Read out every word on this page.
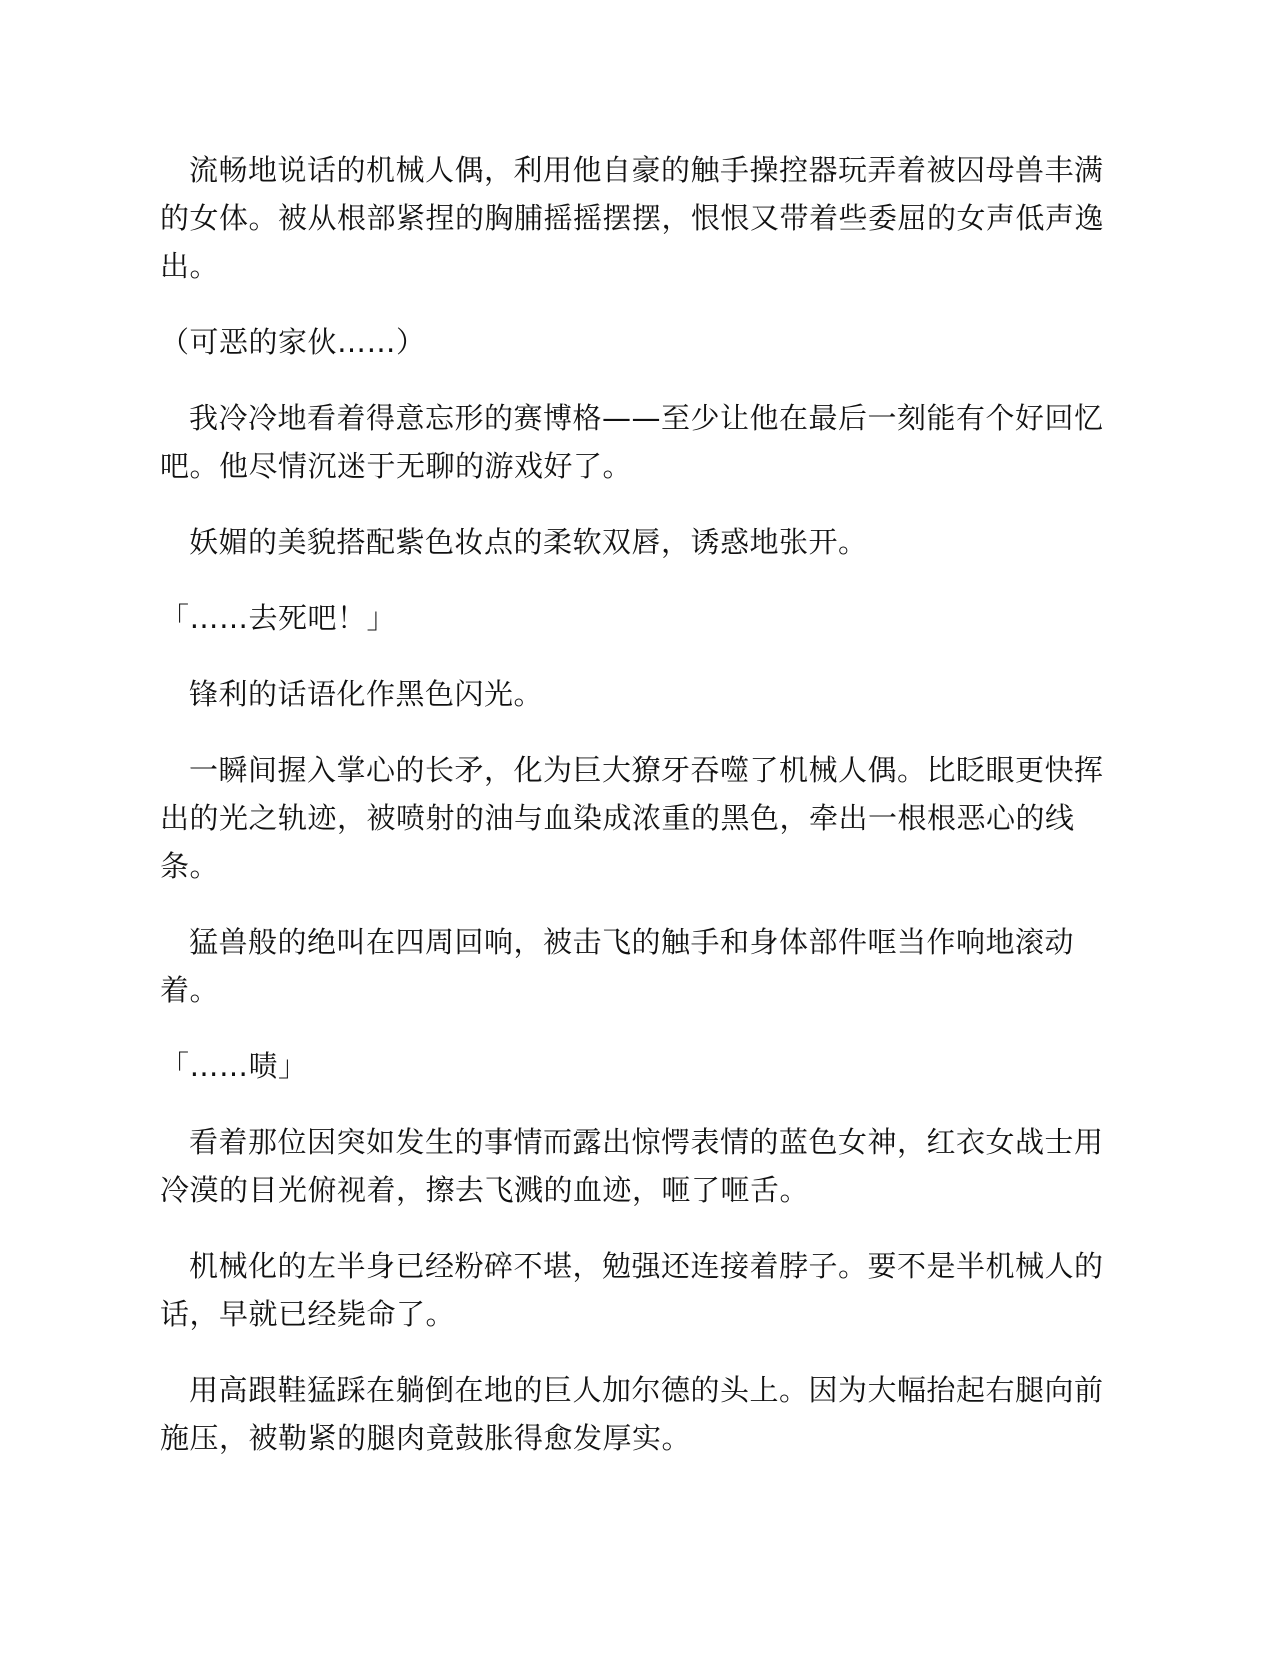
流畅地说话的机械人偶，利用他自豪的触手操控器玩弄着被囚母兽丰满的女体。被从根部紧捏的胸脯摇摇摆摆，恨恨又带着些委屈的女声低声逸出。

（可恶的家伙……）

我冷冷地看着得意忘形的赛博格——至少让他在最后一刻能有个好回忆吧。他尽情沉迷于无聊的游戏好了。

妖媚的美貌搭配紫色妆点的柔软双唇，诱惑地张开。

「……去死吧！」

锋利的话语化作黑色闪光。

一瞬间握入掌心的长矛，化为巨大獠牙吞噬了机械人偶。比眨眼更快挥出的光之轨迹，被喷射的油与血染成浓重的黑色，牵出一根根恶心的线条。

猛兽般的绝叫在四周回响，被击飞的触手和身体部件哐当作响地滚动着。

「……啧」

看着那位因突如发生的事情而露出惊愕表情的蓝色女神，红衣女战士用冷漠的目光俯视着，擦去飞溅的血迹，咂了咂舌。

机械化的左半身已经粉碎不堪，勉强还连接着脖子。要不是半机械人的话，早就已经毙命了。

用高跟鞋猛踩在躺倒在地的巨人加尔德的头上。因为大幅抬起右腿向前施压，被勒紧的腿肉竟鼓胀得愈发厚实。
